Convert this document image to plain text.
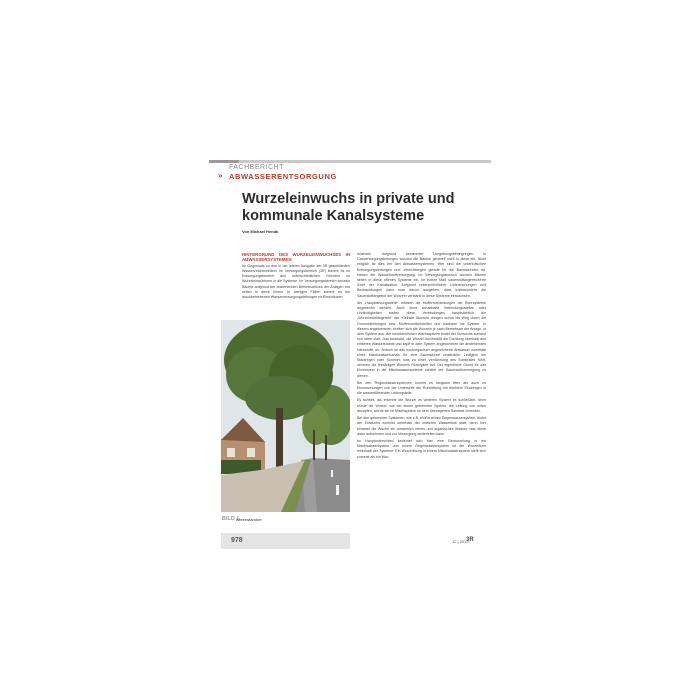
FACHBERICHT
» ABWASSERENTSORGUNG
Wurzeleinwuchs in private und kommunale Kanalsysteme
Von Michael Hendk
HINTERGRUND DES WURZELEINWUCHSES IN ABWASSERSYSTEMEN

Im Gegensatz zu den in der letzten Ausgabe der 3R geschilderten Wasserzeichenbildern im Versorgungsbereich (3R) kommt es im Entsorgungsbereich aus unterschiedlichen Gründen zu Wurzeleinwüchsen in die Systeme. Im Versorgungsbereich wurzeln Bäume aufgrund der anstehenden Betriebsdrücke der Anlagen nur selten in diese hinein. In wenigen Fällen kommt es bei druckbetriebenen Wasserversorgungsleitungen zu Einwüchsen.

wüchsen. Aufgrund bestimmter Umgebungsbedingungen in Gasversorgungsleitungen wurzeln die Bäume generell nicht in diese ein. Nicht möglich ist dies bei den Abwassersystemen. Hier sind die unterirdischen Entsorgungsleitungen und -einrichtungen gerade für die Baumwurzeln da. Neben der Wasserstoffversorgung. Im Versorgungsbereich wurzeln Bäume selten in diese offenen Systeme ein. Im hohen Maß sauerstoffangereicherte Zone der Kanalisation. Aufgrund unterschiedlicher Untersuchungen und Beobachtungen kann man davon ausgehen, dass insbesondere die Sauerstoffangebot der Wurzeln verstärkt in diese Systeme einwachsen.

Als „Hauptwirkungsstelle“ müssen die Muffenverbindungen der Rohrsysteme angesehen werden. Auch ohne schadhafte Verbindungsstellen oder Undichtigkeiten stellen diese Verbindungen hauptsächlich die „Wurzeleintrittsgefahr“ dar. Kleinste Wurzeln dringen schon bis Weg durch die Gummidichtungen bzw. Muffenundichtstellen und wachsen ins System. In diesem angekommen, breiten sich die Wurzeln je nach Betriebsart der Anlage, in dem System aus. Bei herkömmlichen Wachsspitzen findet der Einwuchs zumeist von oben statt. Das bedeutet, die Wurzel durchstößt die Dichtung oberhalb des mittleren Wasserstands und zapft in dem System angekommen die anstehenden Nährstoffe an. Jedoch ist das hochorganisch angereicherte Abwasser innerhalb eines Mischwasserkanals für eine Baumwurzel unattraktiv. Lediglich bei Starkregen oder Sommer, was zu einer Verdünnung des Substrates führt, nehmen die feinfädigen Wurzeln Flüssigkeit auf. Der eigentliche Grund für das Einwurzeln in die Mischwassersysteme scheint der Sauerstoffversorgung zu dienen.

Bei den Regenwassersystemen kommt es langsam öfter als auch zu Einwurzelungen von der Unterseite der Rohrleitung mit direktem Eindringen in die wasserführenden Leitungsteile.

Es scheint, als erkenne die Wurzel im weiteren System es schließlich, denn würde die Wurzel, wie bei einem getrennten System, die Leitung von unten anzapfen, würde sie im Mischsystem an dem überlagerten Substrat verenden.

Bei den getrennten Systemen, wie z.B. einem reinen Regenwassersystem, findet der Einwuchs zumeist unterhalb der mittleren Wasserlinie statt, denn hier erwartet die Wurzel ein wesentlich reines und organisches Wasser, was diese dann aufnehmen und zur Versorgung weiterleiten kann.

Im Hauptunterschied bedeutet sich hier eine Einwurzelung in ein Mischwassersystem und einem Regenwassersystem ist die Wurzelform innerhalb der Systeme. Ein Wurzelbrung in einem Mischwassersystem stellt sich zumeist als ein Wur-

BILD 1
Alleenstandort
978	12 | 2013
3R
